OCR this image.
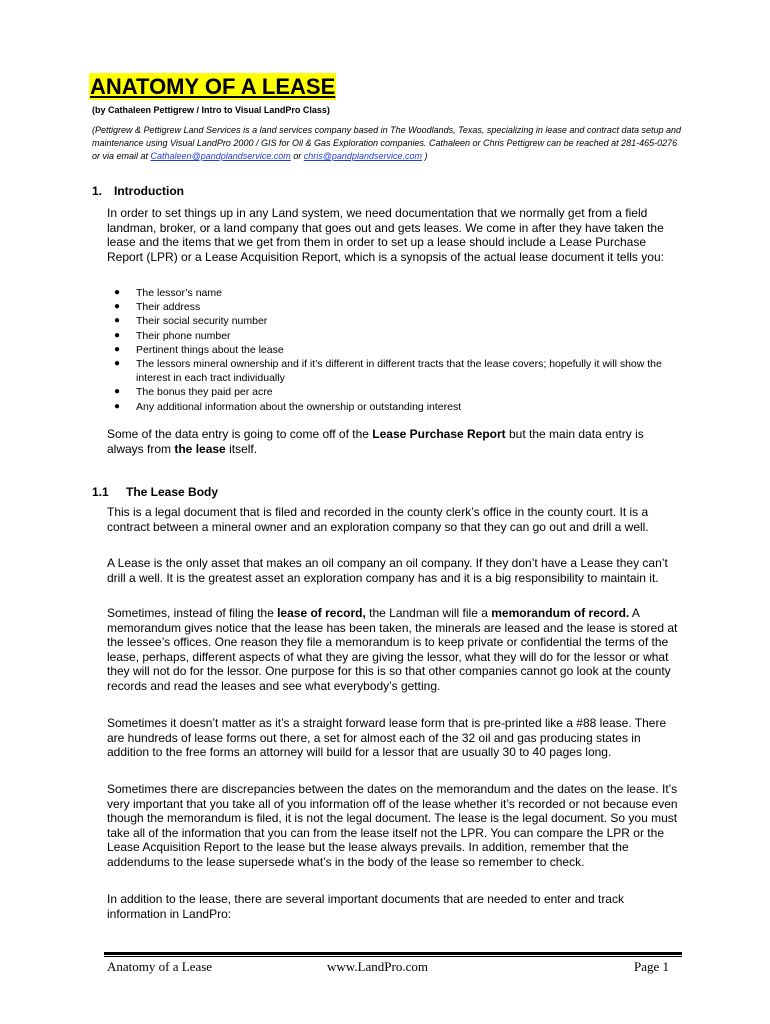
ANATOMY OF A LEASE

(by Cathaleen Pettigrew / Intro to Visual LandPro Class)

(Pettigrew & Pettigrew Land Services is a land services company based in The Woodlands, Texas, specializing in lease and contract data setup and maintenance using Visual LandPro 2000 / GIS for Oil & Gas Exploration companies. Cathaleen or Chris Pettigrew can be reached at 281-465-0276 or via email at Cathaleen@pandplandservice.com or chris@pandplandservice.com )

1. Introduction

In order to set things up in any Land system, we need documentation that we normally get from a field landman, broker, or a land company that goes out and gets leases. We come in after they have taken the lease and the items that we get from them in order to set up a lease should include a Lease Purchase Report (LPR) or a Lease Acquisition Report, which is a synopsis of the actual lease document it tells you:

● The lessor’s name
● Their address
● Their social security number
● Their phone number
● Pertinent things about the lease
● The lessors mineral ownership and if it’s different in different tracts that the lease covers; hopefully it will show the interest in each tract individually
● The bonus they paid per acre
● Any additional information about the ownership or outstanding interest

Some of the data entry is going to come off of the Lease Purchase Report but the main data entry is always from the lease itself.

1.1 The Lease Body

This is a legal document that is filed and recorded in the county clerk’s office in the county court. It is a contract between a mineral owner and an exploration company so that they can go out and drill a well.

A Lease is the only asset that makes an oil company an oil company. If they don’t have a Lease they can’t drill a well. It is the greatest asset an exploration company has and it is a big responsibility to maintain it.

Sometimes, instead of filing the lease of record, the Landman will file a memorandum of record. A memorandum gives notice that the lease has been taken, the minerals are leased and the lease is stored at the lessee’s offices. One reason they file a memorandum is to keep private or confidential the terms of the lease, perhaps, different aspects of what they are giving the lessor, what they will do for the lessor or what they will not do for the lessor. One purpose for this is so that other companies cannot go look at the county records and read the leases and see what everybody’s getting.

Sometimes it doesn’t matter as it’s a straight forward lease form that is pre-printed like a #88 lease. There are hundreds of lease forms out there, a set for almost each of the 32 oil and gas producing states in addition to the free forms an attorney will build for a lessor that are usually 30 to 40 pages long.

Sometimes there are discrepancies between the dates on the memorandum and the dates on the lease. It’s very important that you take all of you information off of the lease whether it’s recorded or not because even though the memorandum is filed, it is not the legal document. The lease is the legal document. So you must take all of the information that you can from the lease itself not the LPR. You can compare the LPR or the Lease Acquisition Report to the lease but the lease always prevails. In addition, remember that the addendums to the lease supersede what’s in the body of the lease so remember to check.

In addition to the lease, there are several important documents that are needed to enter and track information in LandPro:

Anatomy of a Lease	www.LandPro.com	Page 1
